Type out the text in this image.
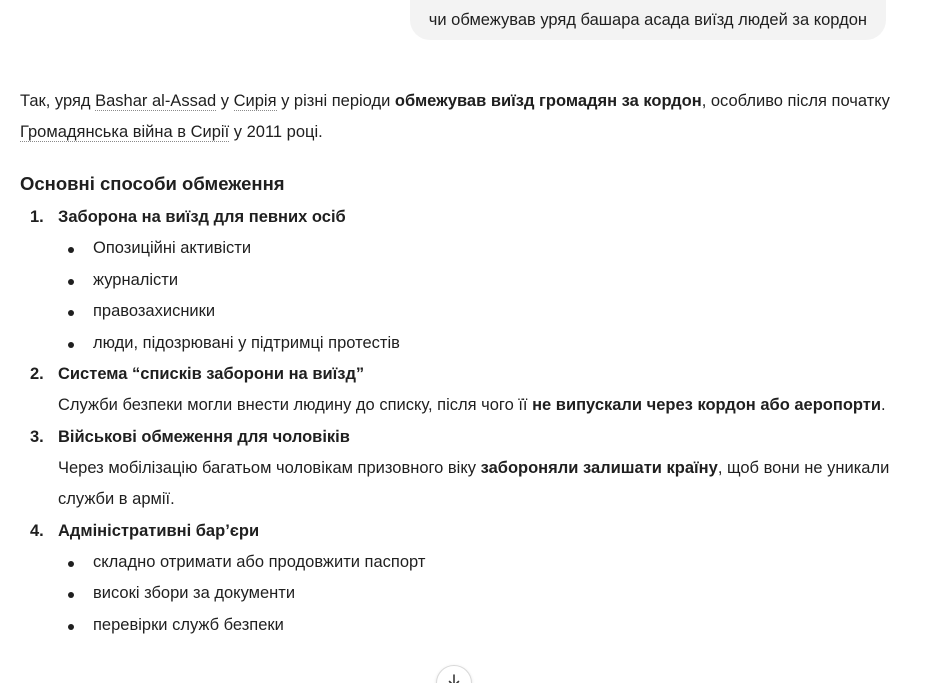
чи обмежував уряд башара асада виїзд людей за кордон

Так, уряд Bashar al-Assad у Сирія у різні періоди обмежував виїзд громадян за кордон, особливо після початку Громадянська війна в Сирії у 2011 році.

Основні способи обмеження
1. Заборона на виїзд для певних осіб
Опозиційні активісти
журналісти
правозахисники
люди, підозрювані у підтримці протестів
2. Система “списків заборони на виїзд”
Служби безпеки могли внести людину до списку, після чого її не випускали через кордон або аеропорти.
3. Військові обмеження для чоловіків
Через мобілізацію багатьом чоловікам призовного віку забороняли залишати країну, щоб вони не уникали служби в армії.
4. Адміністративні бар’єри
складно отримати або продовжити паспорт
високі збори за документи
перевірки служб безпеки
